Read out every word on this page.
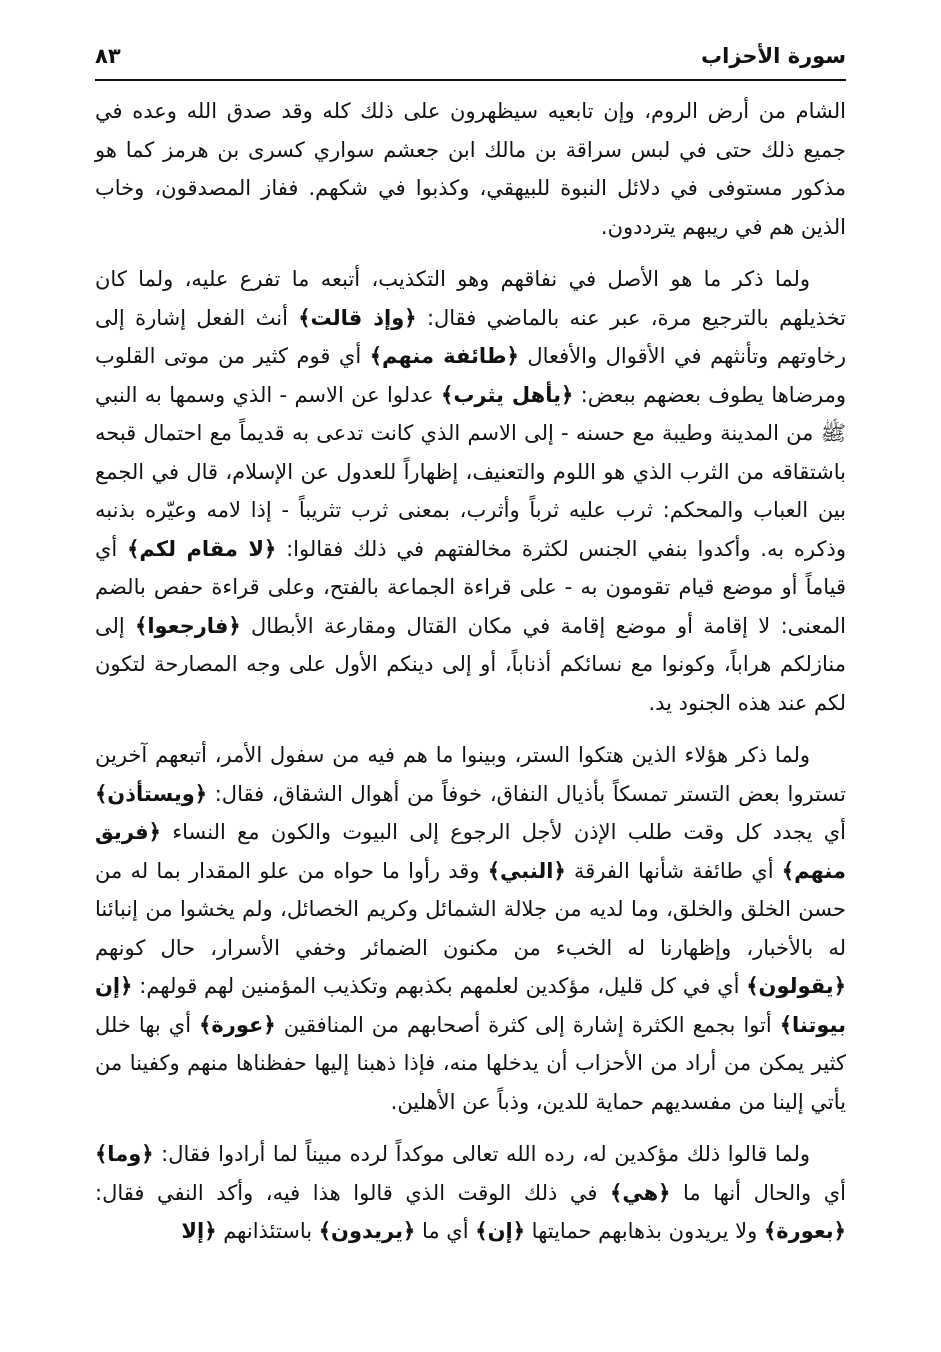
سورة الأحزاب
٨٣

الشام من أرض الروم، وإن تابعيه سيظهرون على ذلك كله وقد صدق الله وعده في جميع ذلك حتى في لبس سراقة بن مالك ابن جعشم سواري كسرى بن هرمز كما هو مذكور مستوفى في دلائل النبوة للبيهقي، وكذبوا في شكهم. ففاز المصدقون، وخاب الذين هم في ريبهم يترددون.

ولما ذكر ما هو الأصل في نفاقهم وهو التكذيب، أتبعه ما تفرع عليه، ولما كان تخذيلهم بالترجيع مرة، عبر عنه بالماضي فقال: ﴿وإذ قالت﴾ أنث الفعل إشارة إلى رخاوتهم وتأنثهم في الأقوال والأفعال ﴿طائفة منهم﴾ أي قوم كثير من موتى القلوب ومرضاها يطوف بعضهم ببعض: ﴿يأهل يثرب﴾ عدلوا عن الاسم - الذي وسمها به النبي ﷺ من المدينة وطيبة مع حسنه - إلى الاسم الذي كانت تدعى به قديماً مع احتمال قبحه باشتقاقه من الثرب الذي هو اللوم والتعنيف، إظهاراً للعدول عن الإسلام، قال في الجمع بين العباب والمحكم: ثرب عليه ثرباً وأثرب، بمعنى ثرب تثريباً - إذا لامه وعيّره بذنبه وذكره به. وأكدوا بنفي الجنس لكثرة مخالفتهم في ذلك فقالوا: ﴿لا مقام لكم﴾ أي قياماً أو موضع قيام تقومون به - على قراءة الجماعة بالفتح، وعلى قراءة حفص بالضم المعنى: لا إقامة أو موضع إقامة في مكان القتال ومقارعة الأبطال ﴿فارجعوا﴾ إلى منازلكم هراباً، وكونوا مع نسائكم أذناباً، أو إلى دينكم الأول على وجه المصارحة لتكون لكم عند هذه الجنود يد.

ولما ذكر هؤلاء الذين هتكوا الستر، وبينوا ما هم فيه من سفول الأمر، أتبعهم آخرين تستروا بعض التستر تمسكاً بأذيال النفاق، خوفاً من أهوال الشقاق، فقال: ﴿ويستأذن﴾ أي يجدد كل وقت طلب الإذن لأجل الرجوع إلى البيوت والكون مع النساء ﴿فريق منهم﴾ أي طائفة شأنها الفرقة ﴿النبي﴾ وقد رأوا ما حواه من علو المقدار بما له من حسن الخلق والخلق، وما لديه من جلالة الشمائل وكريم الخصائل، ولم يخشوا من إنبائنا له بالأخبار، وإظهارنا له الخبء من مكنون الضمائر وخفي الأسرار، حال كونهم ﴿يقولون﴾ أي في كل قليل، مؤكدين لعلمهم بكذبهم وتكذيب المؤمنين لهم قولهم: ﴿إن بيوتنا﴾ أتوا بجمع الكثرة إشارة إلى كثرة أصحابهم من المنافقين ﴿عورة﴾ أي بها خلل كثير يمكن من أراد من الأحزاب أن يدخلها منه، فإذا ذهبنا إليها حفظناها منهم وكفينا من يأتي إلينا من مفسديهم حماية للدين، وذباً عن الأهلين.

ولما قالوا ذلك مؤكدين له، رده الله تعالى موكداً لرده مبيناً لما أرادوا فقال: ﴿وما﴾ أي والحال أنها ما ﴿هي﴾ في ذلك الوقت الذي قالوا هذا فيه، وأكد النفي فقال: ﴿بعورة﴾ ولا يريدون بذهابهم حمايتها ﴿إن﴾ أي ما ﴿يريدون﴾ باستئذانهم ﴿إلا
